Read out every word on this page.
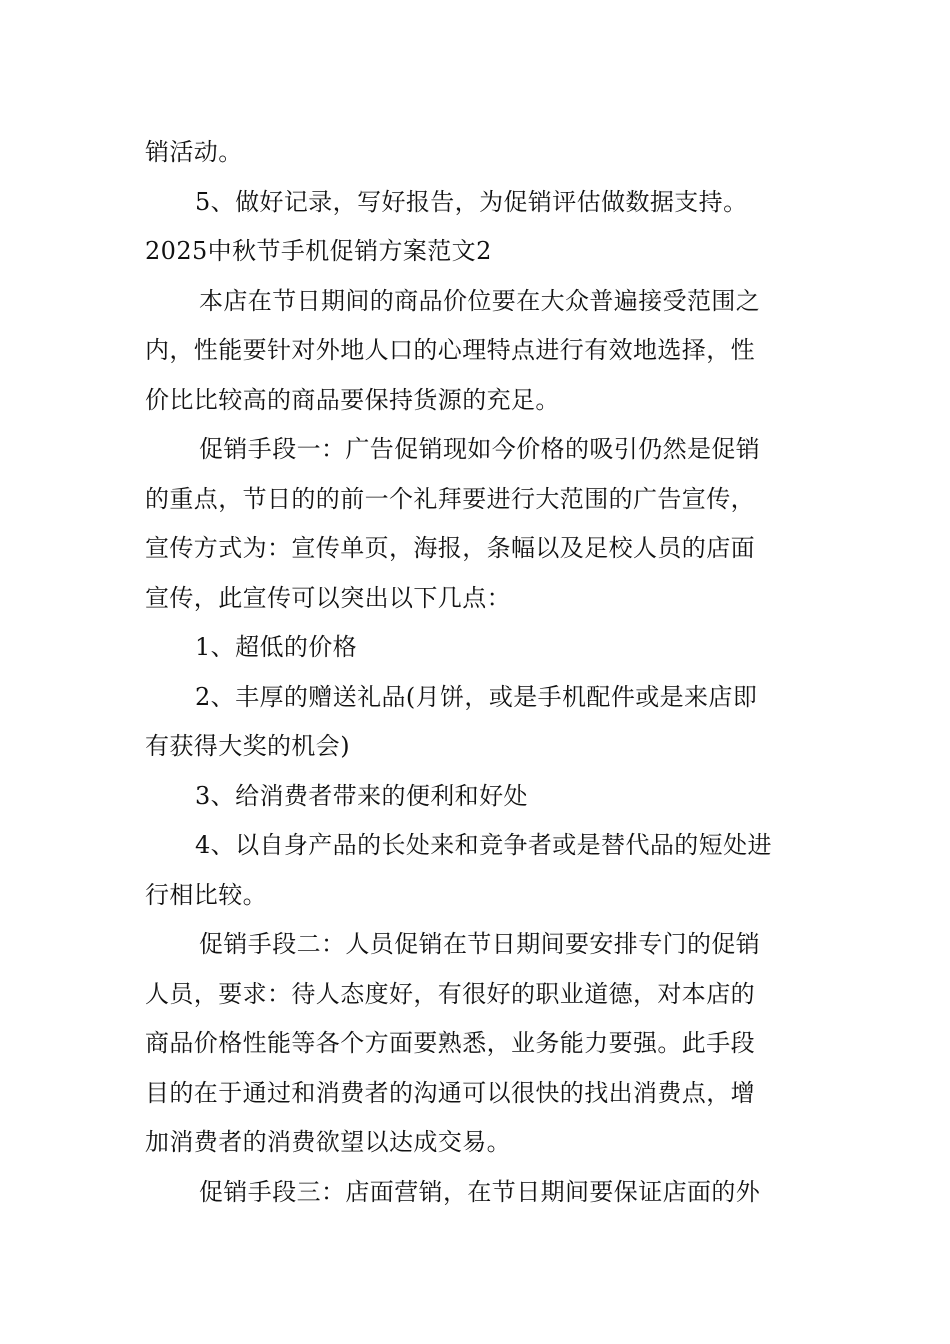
销活动。
5、做好记录，写好报告，为促销评估做数据支持。
2025中秋节手机促销方案范文2
本店在节日期间的商品价位要在大众普遍接受范围之
内，性能要针对外地人口的心理特点进行有效地选择，性
价比比较高的商品要保持货源的充足。
促销手段一：广告促销现如今价格的吸引仍然是促销
的重点，节日的的前一个礼拜要进行大范围的广告宣传，
宣传方式为：宣传单页，海报，条幅以及足校人员的店面
宣传，此宣传可以突出以下几点：
1、超低的价格
2、丰厚的赠送礼品(月饼，或是手机配件或是来店即
有获得大奖的机会)
3、给消费者带来的便利和好处
4、以自身产品的长处来和竞争者或是替代品的短处进
行相比较。
促销手段二：人员促销在节日期间要安排专门的促销
人员，要求：待人态度好，有很好的职业道德，对本店的
商品价格性能等各个方面要熟悉，业务能力要强。此手段
目的在于通过和消费者的沟通可以很快的找出消费点，增
加消费者的消费欲望以达成交易。
促销手段三：店面营销，在节日期间要保证店面的外
